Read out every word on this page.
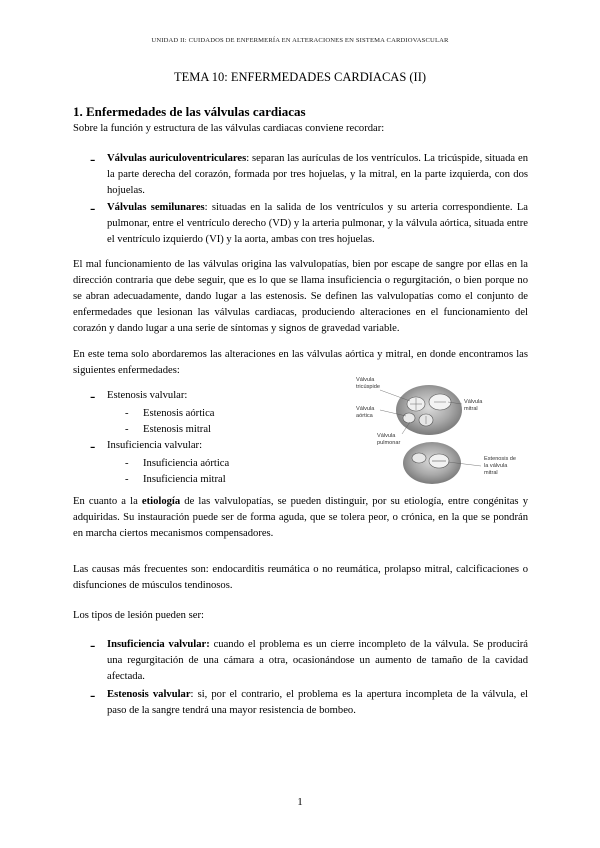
UNIDAD II: CUIDADOS DE ENFERMERÍA EN ALTERACIONES EN SISTEMA CARDIOVASCULAR
TEMA 10: ENFERMEDADES CARDIACAS (II)
1. Enfermedades de las válvulas cardiacas

Sobre la función y estructura de las válvulas cardiacas conviene recordar:

-	Válvulas auriculoventriculares: separan las aurículas de los ventrículos. La tricúspide, situada en la parte derecha del corazón, formada por tres hojuelas, y la mitral, en la parte izquierda, con dos hojuelas.

-	Válvulas semilunares: situadas en la salida de los ventrículos y su arteria correspondiente. La pulmonar, entre el ventrículo derecho (VD) y la arteria pulmonar, y la válvula aórtica, situada entre el ventrículo izquierdo (VI) y la aorta, ambas con tres hojuelas.

El mal funcionamiento de las válvulas origina las valvulopatías, bien por escape de sangre por ellas en la dirección contraria que debe seguir, que es lo que se llama insuficiencia o regurgitación, o bien porque no se abran adecuadamente, dando lugar a las estenosis. Se definen las valvulopatías como el conjunto de enfermedades que lesionan las válvulas cardiacas, produciendo alteraciones en el funcionamiento del corazón y dando lugar a una serie de síntomas y signos de gravedad variable.

En este tema solo abordaremos las alteraciones en las válvulas aórtica y mitral, en donde encontramos las siguientes enfermedades:

-	Estenosis valvular:

-	Estenosis aórtica

-	Estenosis mitral

-	Insuficiencia valvular:

-	Insuficiencia aórtica

-	Insuficiencia mitral

Válvula
tricúspide
Válvula
mitral
Válvula
aórtica
Válvula
pulmonar
Estenosis de
la válvula
mitral

En cuanto a la etiología de las valvulopatías, se pueden distinguir, por su etiología, entre congénitas y adquiridas. Su instauración puede ser de forma aguda, que se tolera peor, o crónica, en la que se pondrán en marcha ciertos mecanismos compensadores.

Las causas más frecuentes son: endocarditis reumática o no reumática, prolapso mitral, calcificaciones o disfunciones de músculos tendinosos.

Los tipos de lesión pueden ser:

-	Insuficiencia valvular: cuando el problema es un cierre incompleto de la válvula. Se producirá una regurgitación de una cámara a otra, ocasionándose un aumento de tamaño de la cavidad afectada.

-	Estenosis valvular: si, por el contrario, el problema es la apertura incompleta de la válvula, el paso de la sangre tendrá una mayor resistencia de bombeo.

1
